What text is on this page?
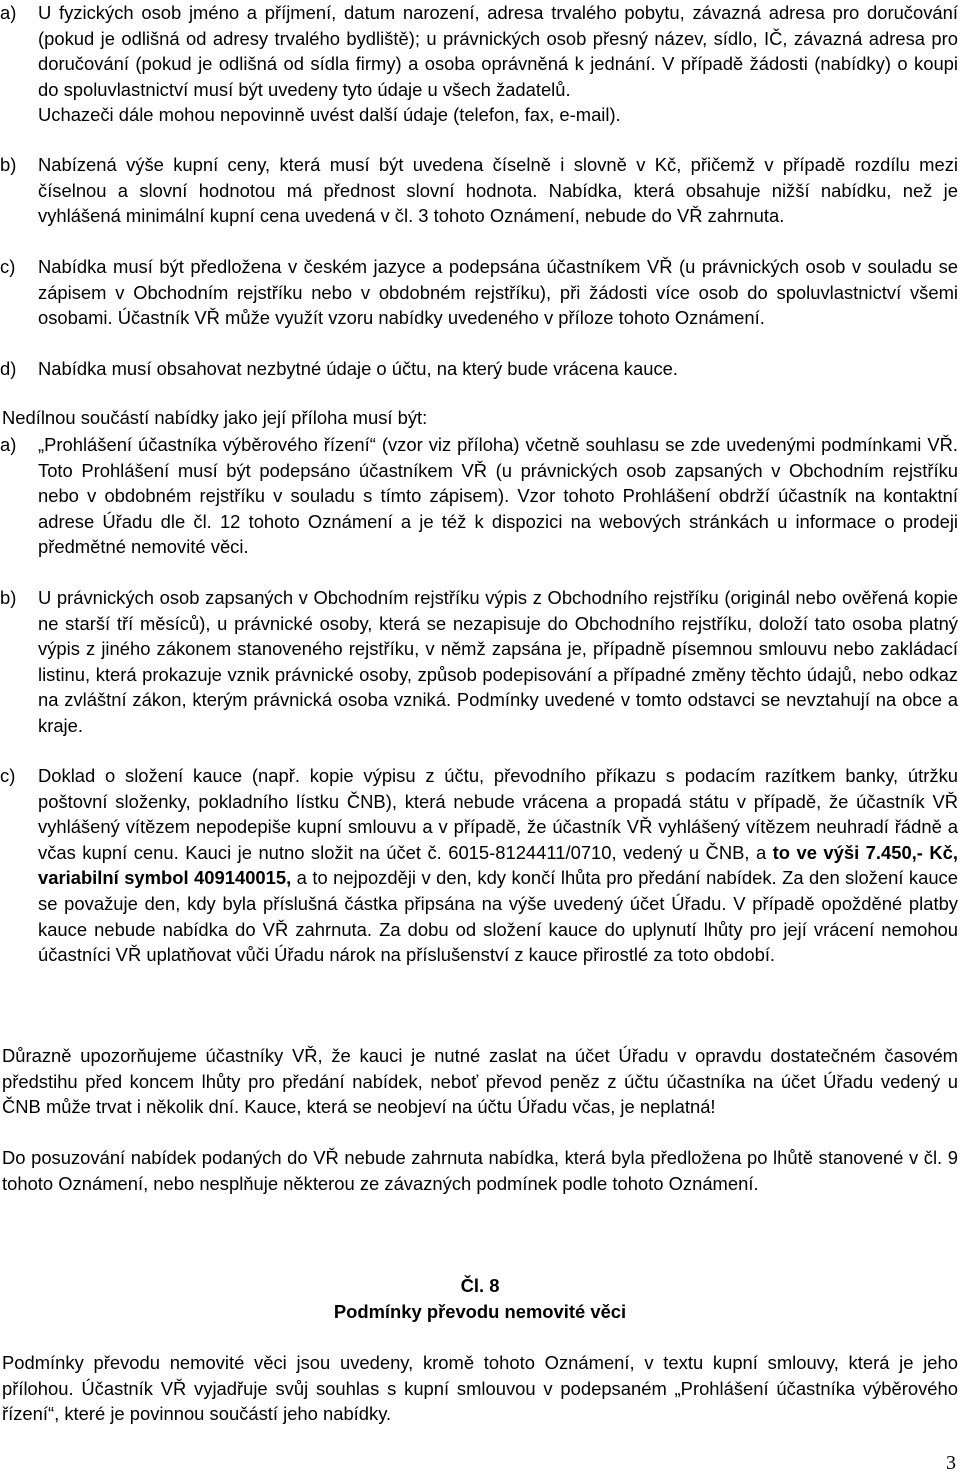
a)	U fyzických osob jméno a příjmení, datum narození, adresa trvalého pobytu, závazná adresa pro doručování (pokud je odlišná od adresy trvalého bydliště); u právnických osob přesný název, sídlo, IČ, závazná adresa pro doručování (pokud je odlišná od sídla firmy) a osoba oprávněná k jednání. V případě žádosti (nabídky) o koupi do spoluvlastnictví musí být uvedeny tyto údaje u všech žadatelů.
Uchazeči dále mohou nepovinně uvést další údaje (telefon, fax, e-mail).
b)	Nabízená výše kupní ceny, která musí být uvedena číselně i slovně v Kč, přičemž v případě rozdílu mezi číselnou a slovní hodnotou má přednost slovní hodnota. Nabídka, která obsahuje nižší nabídku, než je vyhlášená minimální kupní cena uvedená v čl. 3 tohoto Oznámení, nebude do VŘ zahrnuta.
c)	Nabídka musí být předložena v českém jazyce a podepsána účastníkem VŘ (u právnických osob v souladu se zápisem v Obchodním rejstříku nebo v obdobném rejstříku), při žádosti více osob do spoluvlastnictví všemi osobami. Účastník VŘ může využít vzoru nabídky uvedeného v příloze tohoto Oznámení.
d)	Nabídka musí obsahovat nezbytné údaje o účtu, na který bude vrácena kauce.
Nedílnou součástí nabídky jako její příloha musí být:
a)	„Prohlášení účastníka výběrového řízení“ (vzor viz příloha) včetně souhlasu se zde uvedenými podmínkami VŘ. Toto Prohlášení musí být podepsáno účastníkem VŘ (u právnických osob zapsaných v Obchodním rejstříku nebo v obdobném rejstříku v souladu s tímto zápisem). Vzor tohoto Prohlášení obdrží účastník na kontaktní adrese Úřadu dle čl. 12 tohoto Oznámení a je též k dispozici na webových stránkách u informace o prodeji předmětné nemovité věci.
b)	U právnických osob zapsaných v Obchodním rejstříku výpis z Obchodního rejstříku (originál nebo ověřená kopie ne starší tří měsíců), u právnické osoby, která se nezapisuje do Obchodního rejstříku, doloží tato osoba platný výpis z jiného zákonem stanoveného rejstříku, v němž zapsána je, případně písemnou smlouvu nebo zakládací listinu, která prokazuje vznik právnické osoby, způsob podepisování a případné změny těchto údajů, nebo odkaz na zvláštní zákon, kterým právnická osoba vzniká. Podmínky uvedené v tomto odstavci se nevztahují na obce a kraje.
c)	Doklad o složení kauce (např. kopie výpisu z účtu, převodního příkazu s podacím razítkem banky, útržku poštovní složenky, pokladního lístku ČNB), která nebude vrácena a propadá státu v případě, že účastník VŘ vyhlášený vítězem nepodepiše kupní smlouvu a v případě, že účastník VŘ vyhlášený vítězem neuhradí řádně a včas kupní cenu. Kauci je nutno složit na účet č. 6015-8124411/0710, vedený u ČNB, a to ve výši 7.450,- Kč, variabilní symbol 409140015, a to nejpozději v den, kdy končí lhůta pro předání nabídek. Za den složení kauce se považuje den, kdy byla příslušná částka připsána na výše uvedený účet Úřadu. V případě opožděné platby kauce nebude nabídka do VŘ zahrnuta. Za dobu od složení kauce do uplynutí lhůty pro její vrácení nemohou účastníci VŘ uplatňovat vůči Úřadu nárok na příslušenství z kauce přirostlé za toto období.
Důrazně upozorňujeme účastníky VŘ, že kauci je nutné zaslat na účet Úřadu v opravdu dostatečném časovém předstihu před koncem lhůty pro předání nabídek, neboť převod peněz z účtu účastníka na účet Úřadu vedený u ČNB může trvat i několik dní. Kauce, která se neobjeví na účtu Úřadu včas, je neplatná!
Do posuzování nabídek podaných do VŘ nebude zahrnuta nabídka, která byla předložena po lhůtě stanovené v čl. 9 tohoto Oznámení, nebo nesplňuje některou ze závazných podmínek podle tohoto Oznámení.
Čl. 8
Podmínky převodu nemovité věci
Podmínky převodu nemovité věci jsou uvedeny, kromě tohoto Oznámení, v textu kupní smlouvy, která je jeho přílohou. Účastník VŘ vyjadřuje svůj souhlas s kupní smlouvou v podepsaném „Prohlášení účastníka výběrového řízení“, které je povinnou součástí jeho nabídky.
3
